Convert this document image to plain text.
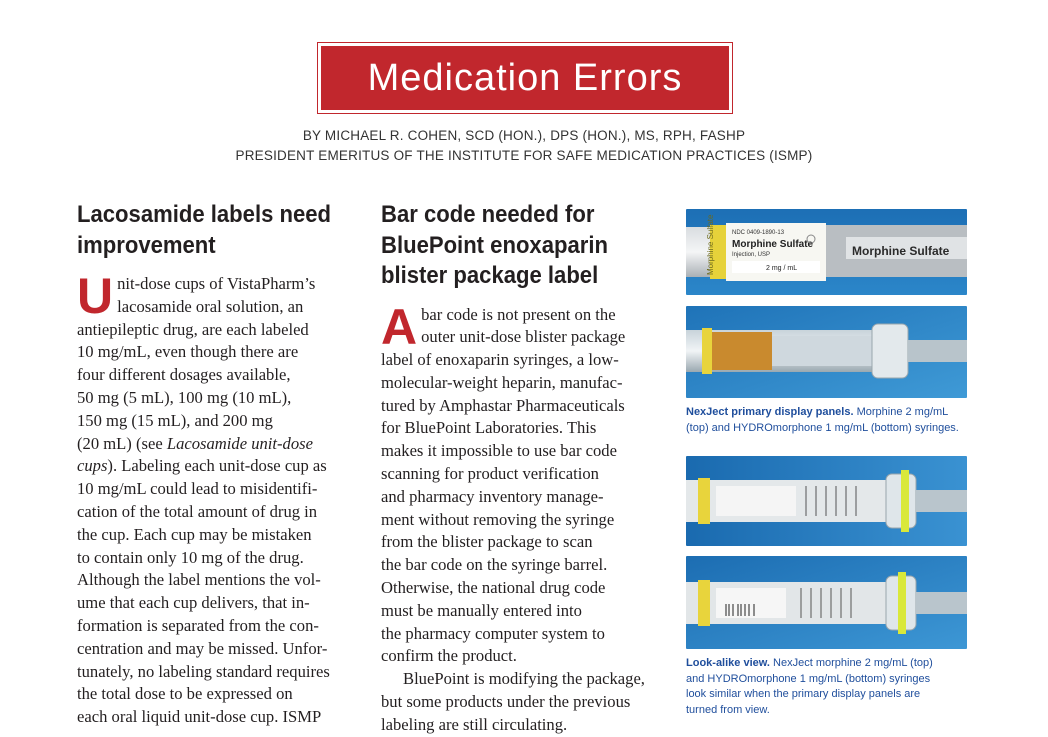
Medication Errors
BY MICHAEL R. COHEN, SCD (HON.), DPS (HON.), MS, RPH, FASHP
PRESIDENT EMERITUS OF THE INSTITUTE FOR SAFE MEDICATION PRACTICES (ISMP)
Lacosamide labels need
improvement

U nit-dose cups of VistaPharm’s
lacosamide oral solution, an
antiepileptic drug, are each labeled
10 mg/mL, even though there are
four different dosages available,
50 mg (5 mL), 100 mg (10 mL),
150 mg (15 mL), and 200 mg
(20 mL) (see Lacosamide unit-dose
cups). Labeling each unit-dose cup as
10 mg/mL could lead to misidentifi-
cation of the total amount of drug in
the cup. Each cup may be mistaken
to contain only 10 mg of the drug.
Although the label mentions the vol-
ume that each cup delivers, that in-
formation is separated from the con-
centration and may be missed. Unfor-
tunately, no labeling standard requires
the total dose to be expressed on
each oral liquid unit-dose cup. ISMP

Bar code needed for
BluePoint enoxaparin
blister package label

A bar code is not present on the
outer unit-dose blister package
label of enoxaparin syringes, a low-
molecular-weight heparin, manufac-
tured by Amphastar Pharmaceuticals
for BluePoint Laboratories. This
makes it impossible to use bar code
scanning for product verification
and pharmacy inventory manage-
ment without removing the syringe
from the blister package to scan
the bar code on the syringe barrel.
Otherwise, the national drug code
must be manually entered into
the pharmacy computer system to
confirm the product.
BluePoint is modifying the package,
but some products under the previous
labeling are still circulating.

Morphine Sulfate	NDC 0409-1890-13
Morphine Sulfate
Injection, USP
2 mg / mL
Morphine Sulfate
NexJect primary display panels. Morphine 2 mg/mL
(top) and HYDROmorphone 1 mg/mL (bottom) syringes.
Look-alike view. NexJect morphine 2 mg/mL (top)
and HYDROmorphone 1 mg/mL (bottom) syringes
look similar when the primary display panels are
turned from view.
